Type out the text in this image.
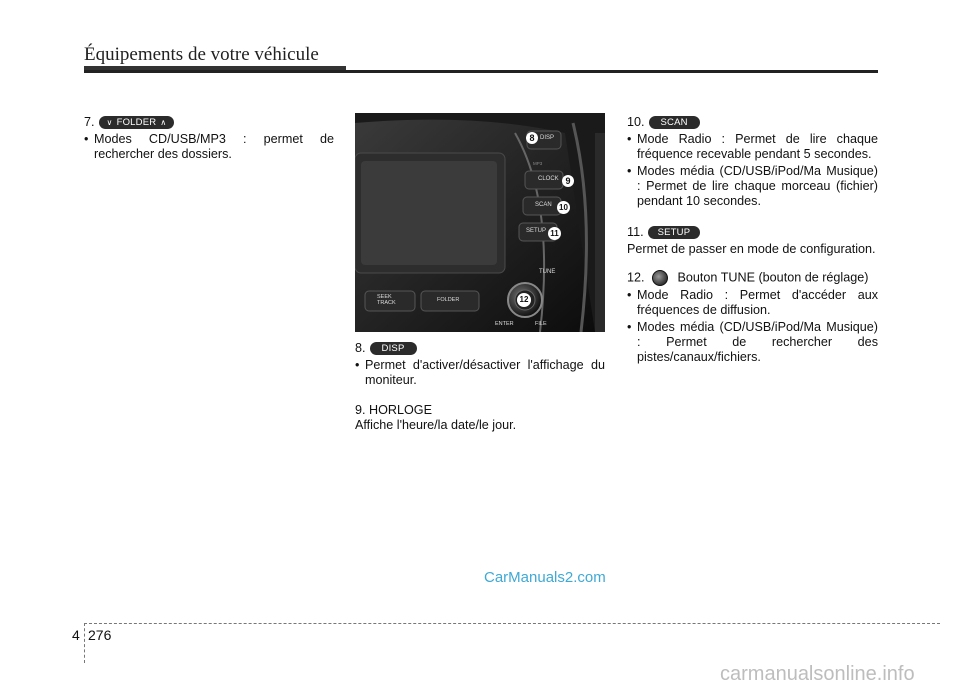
Équipements de votre véhicule
7. ∨ FOLDER ∧
• Modes CD/USB/MP3 : permet de rechercher des dossiers.
DISP
CLOCK
SCAN
SETUP
TUNE
ENTER	FILE
SEEK
TRACK	FOLDER
MP3
8
9
10
11
12
8.	DISP
• Permet d'activer/désactiver l'affichage du moniteur.
9. HORLOGE
Affiche l'heure/la date/le jour.
10.	SCAN
• Mode Radio : Permet de lire chaque fréquence recevable pendant 5 secondes.
• Modes média (CD/USB/iPod/Ma Musique) : Permet de lire chaque morceau (fichier) pendant 10 secondes.
11.	SETUP
Permet de passer en mode de configuration.
12.	Bouton TUNE (bouton de réglage)
• Mode Radio : Permet d'accéder aux fréquences de diffusion.
• Modes média (CD/USB/iPod/Ma Musique) : Permet de rechercher des pistes/canaux/fichiers.
CarManuals2.com
4 276
carmanualsonline.info
